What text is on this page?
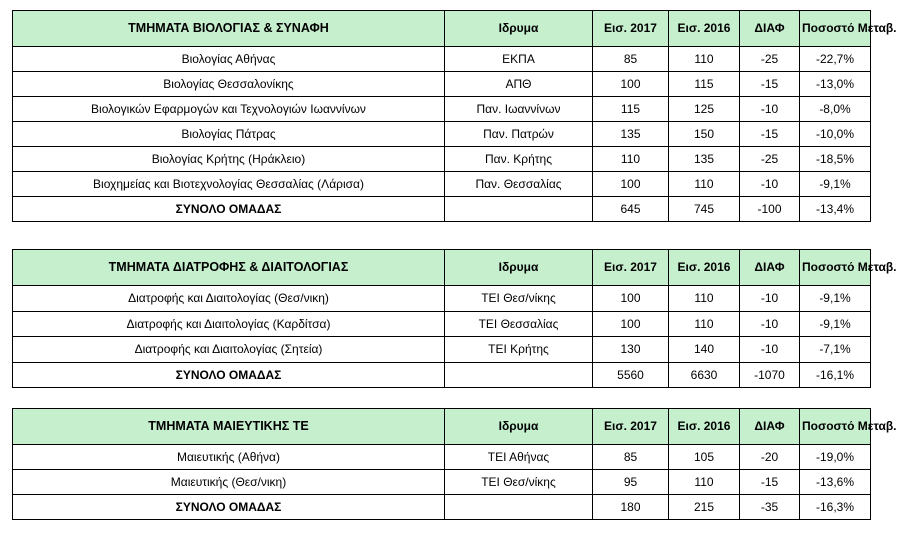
ΤΜΗΜΑΤΑ ΒΙΟΛΟΓΙΑΣ & ΣΥΝΑΦΗ	Ιδρυμα	Εισ. 2017	Εισ. 2016	ΔΙΑΦ	Ποσοστό Μεταβ.
Βιολογίας Αθήνας	ΕΚΠΑ	85	110	-25	-22,7%
Βιολογίας Θεσσαλονίκης	ΑΠΘ	100	115	-15	-13,0%
Βιολογικών Εφαρμογών και Τεχνολογιών Ιωαννίνων	Παν. Ιωαννίνων	115	125	-10	-8,0%
Βιολογίας Πάτρας	Παν. Πατρών	135	150	-15	-10,0%
Βιολογίας Κρήτης (Ηράκλειο)	Παν. Κρήτης	110	135	-25	-18,5%
Βιοχημείας και Βιοτεχνολογίας Θεσσαλίας (Λάρισα)	Παν. Θεσσαλίας	100	110	-10	-9,1%
ΣΥΝΟΛΟ ΟΜΑΔΑΣ		645	745	-100	-13,4%
ΤΜΗΜΑΤΑ ΔΙΑΤΡΟΦΗΣ & ΔΙΑΙΤΟΛΟΓΙΑΣ	Ιδρυμα	Εισ. 2017	Εισ. 2016	ΔΙΑΦ	Ποσοστό Μεταβ.
Διατροφής και Διαιτολογίας (Θεσ/νικη)	ΤΕΙ Θεσ/νίκης	100	110	-10	-9,1%
Διατροφής και Διαιτολογίας (Καρδίτσα)	ΤΕΙ Θεσσαλίας	100	110	-10	-9,1%
Διατροφής και Διαιτολογίας (Σητεία)	ΤΕΙ Κρήτης	130	140	-10	-7,1%
ΣΥΝΟΛΟ ΟΜΑΔΑΣ		5560	6630	-1070	-16,1%
ΤΜΗΜΑΤΑ ΜΑΙΕΥΤΙΚΗΣ ΤΕ	Ιδρυμα	Εισ. 2017	Εισ. 2016	ΔΙΑΦ	Ποσοστό Μεταβ.
Μαιευτικής (Αθήνα)	ΤΕΙ Αθήνας	85	105	-20	-19,0%
Μαιευτικής (Θεσ/νικη)	ΤΕΙ Θεσ/νίκης	95	110	-15	-13,6%
ΣΥΝΟΛΟ ΟΜΑΔΑΣ		180	215	-35	-16,3%
